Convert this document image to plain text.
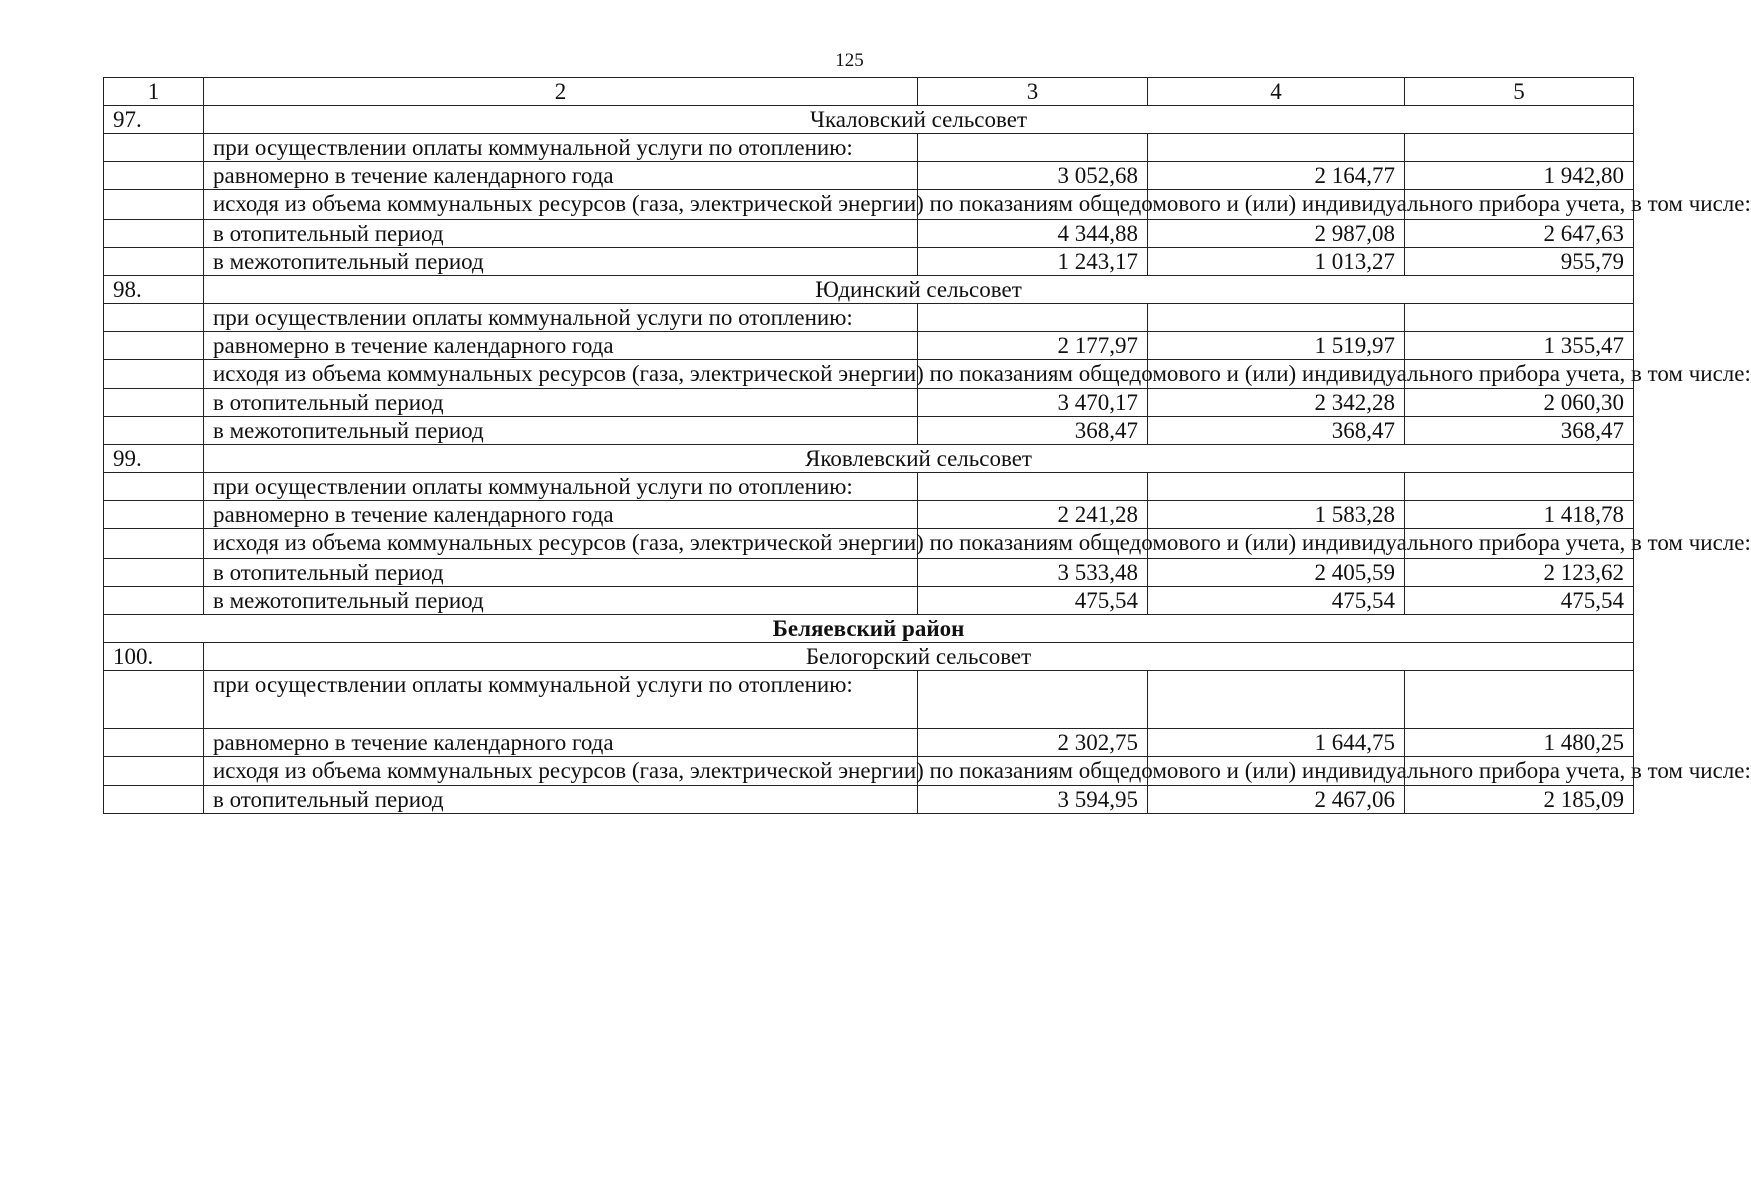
125
1	2	3	4	5
97.	Чкаловский сельсовет			
	при осуществлении оплаты коммунальной услуги по отоплению:			
	равномерно в течение календарного года	3 052,68	2 164,77	1 942,80
	исходя из объема коммунальных ресурсов (газа, электрической энергии) по показаниям общедомового и (или) индивидуального прибора учета, в том числе:			
	в отопительный период	4 344,88	2 987,08	2 647,63
	в межотопительный период	1 243,17	1 013,27	955,79
98.	Юдинский сельсовет			
	при осуществлении оплаты коммунальной услуги по отоплению:			
	равномерно в течение календарного года	2 177,97	1 519,97	1 355,47
	исходя из объема коммунальных ресурсов (газа, электрической энергии) по показаниям общедомового и (или) индивидуального прибора учета, в том числе:			
	в отопительный период	3 470,17	2 342,28	2 060,30
	в межотопительный период	368,47	368,47	368,47
99.	Яковлевский сельсовет			
	при осуществлении оплаты коммунальной услуги по отоплению:			
	равномерно в течение календарного года	2 241,28	1 583,28	1 418,78
	исходя из объема коммунальных ресурсов (газа, электрической энергии) по показаниям общедомового и (или) индивидуального прибора учета, в том числе:			
	в отопительный период	3 533,48	2 405,59	2 123,62
	в межотопительный период	475,54	475,54	475,54
Беляевский район				
100.	Белогорский сельсовет			
	при осуществлении оплаты коммунальной услуги по отоплению:			
	равномерно в течение календарного года	2 302,75	1 644,75	1 480,25
	исходя из объема коммунальных ресурсов (газа, электрической энергии) по показаниям общедомового и (или) индивидуального прибора учета, в том числе:			
	в отопительный период	3 594,95	2 467,06	2 185,09
